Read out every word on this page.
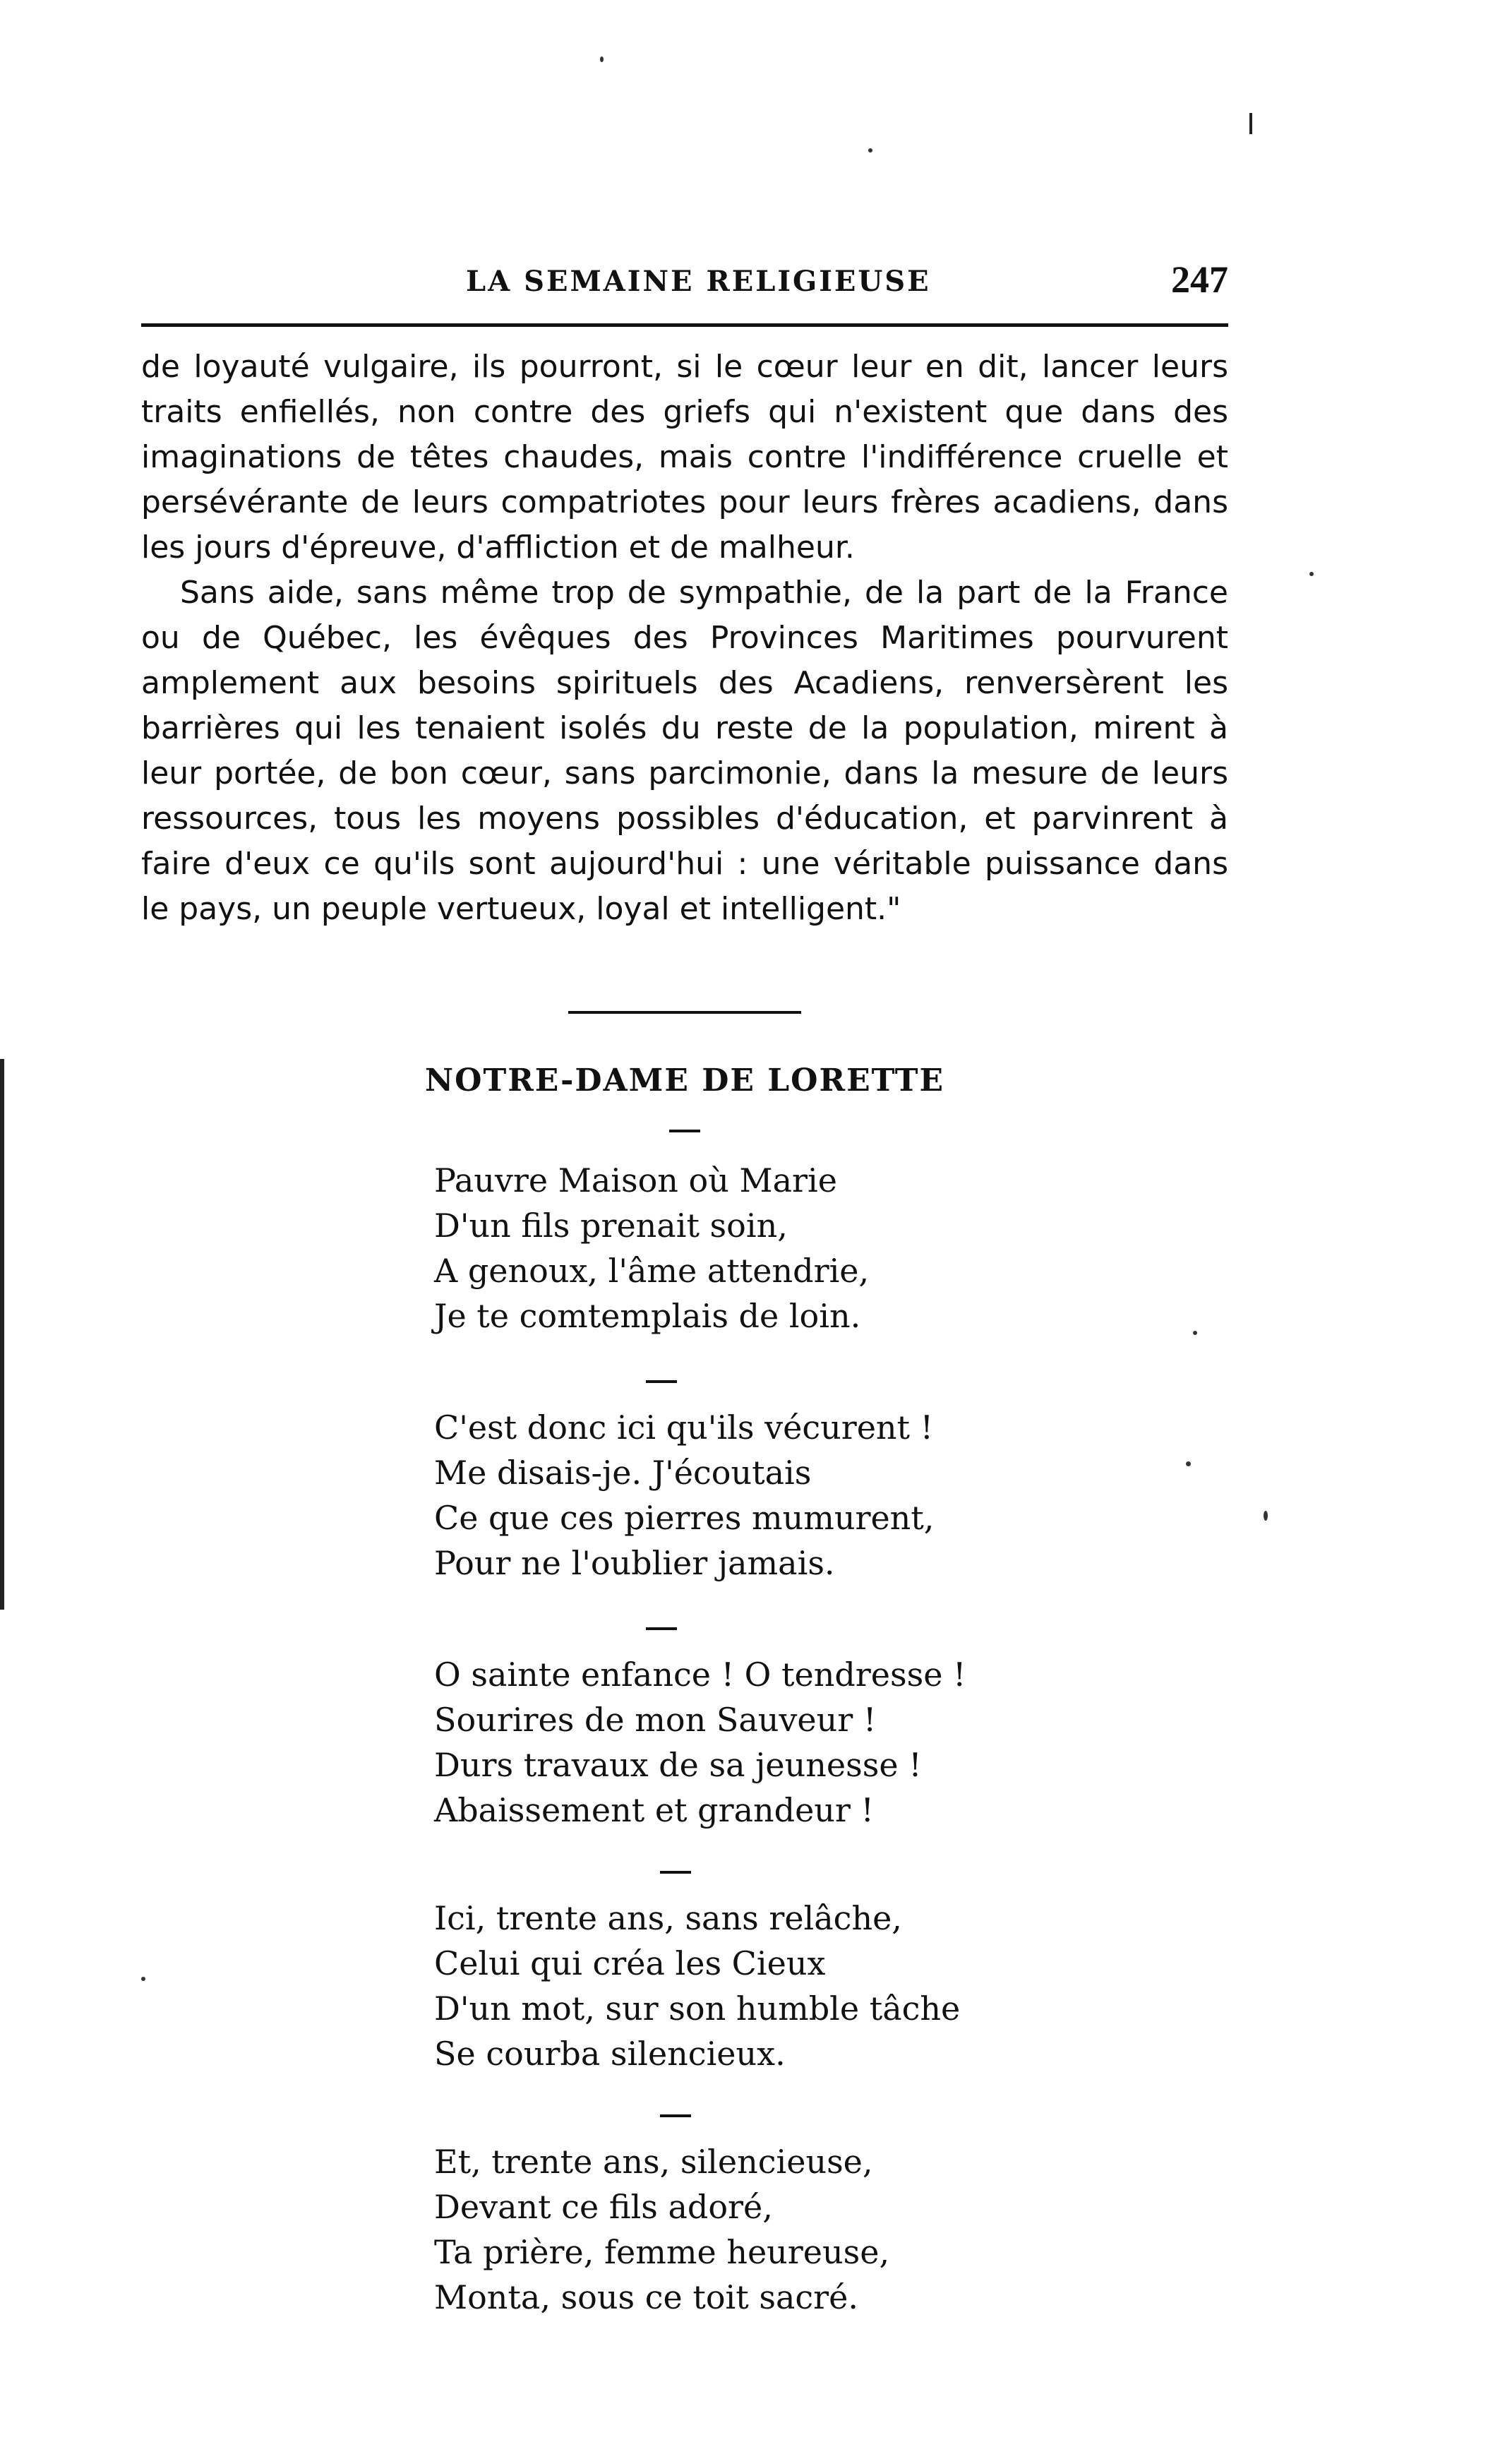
LA SEMAINE RELIGIEUSE	247

de loyauté vulgaire, ils pourront, si le cœur leur en dit, lancer leurs traits enfiellés, non contre des griefs qui n'existent que dans des imaginations de têtes chaudes, mais contre l'indifférence cruelle et persévérante de leurs compatriotes pour leurs frères acadiens, dans les jours d'épreuve, d'affliction et de malheur.

Sans aide, sans même trop de sympathie, de la part de la France ou de Québec, les évêques des Provinces Maritimes pourvurent amplement aux besoins spirituels des Acadiens, renversèrent les barrières qui les tenaient isolés du reste de la population, mirent à leur portée, de bon cœur, sans parcimonie, dans la mesure de leurs ressources, tous les moyens possibles d'éducation, et parvinrent à faire d'eux ce qu'ils sont aujourd'hui : une véritable puissance dans le pays, un peuple vertueux, loyal et intelligent."

NOTRE-DAME DE LORETTE
Pauvre Maison où Marie
D'un fils prenait soin,
A genoux, l'âme attendrie,
Je te comtemplais de loin.
C'est donc ici qu'ils vécurent !
Me disais-je. J'écoutais
Ce que ces pierres mumurent,
Pour ne l'oublier jamais.
O sainte enfance ! O tendresse !
Sourires de mon Sauveur !
Durs travaux de sa jeunesse !
Abaissement et grandeur !
Ici, trente ans, sans relâche,
Celui qui créa les Cieux
D'un mot, sur son humble tâche
Se courba silencieux.
Et, trente ans, silencieuse,
Devant ce fils adoré,
Ta prière, femme heureuse,
Monta, sous ce toit sacré.
